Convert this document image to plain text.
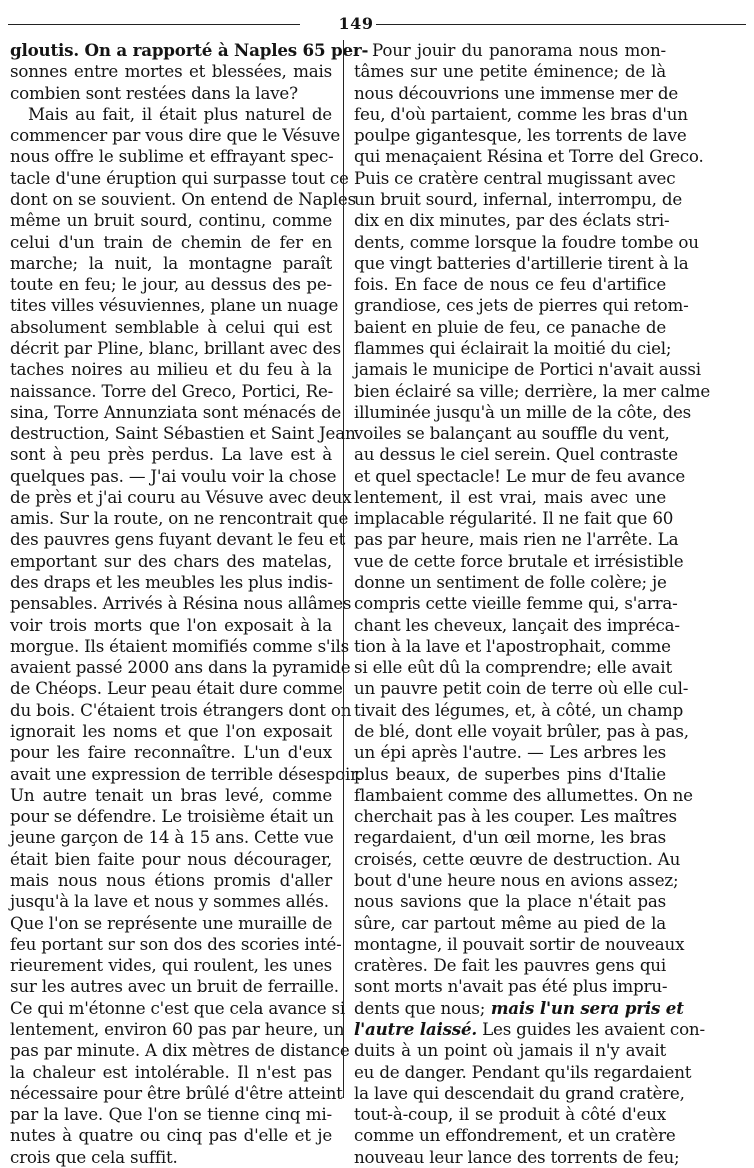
149
gloutis. On a rapporté à Naples 65 per-
sonnes entre mortes et blessées, mais
combien sont restées dans la lave?
Mais au fait, il était plus naturel de
commencer par vous dire que le Vésuve
nous offre le sublime et effrayant spec-
tacle d'une éruption qui surpasse tout ce
dont on se souvient. On entend de Naples
même un bruit sourd, continu, comme
celui d'un train de chemin de fer en
marche; la nuit, la montagne paraît
toute en feu; le jour, au dessus des pe-
tites villes vésuviennes, plane un nuage
absolument semblable à celui qui est
décrit par Pline, blanc, brillant avec des
taches noires au milieu et du feu à la
naissance. Torre del Greco, Portici, Re-
sina, Torre Annunziata sont ménacés de
destruction, Saint Sébastien et Saint Jean
sont à peu près perdus. La lave est à
quelques pas. — J'ai voulu voir la chose
de près et j'ai couru au Vésuve avec deux
amis. Sur la route, on ne rencontrait que
des pauvres gens fuyant devant le feu et
emportant sur des chars des matelas,
des draps et les meubles les plus indis-
pensables. Arrivés à Résina nous allâmes
voir trois morts que l'on exposait à la
morgue. Ils étaient momifiés comme s'ils
avaient passé 2000 ans dans la pyramide
de Chéops. Leur peau était dure comme
du bois. C'étaient trois étrangers dont on
ignorait les noms et que l'on exposait
pour les faire reconnaître. L'un d'eux
avait une expression de terrible désespoir.
Un autre tenait un bras levé, comme
pour se défendre. Le troisième était un
jeune garçon de 14 à 15 ans. Cette vue
était bien faite pour nous décourager,
mais nous nous étions promis d'aller
jusqu'à la lave et nous y sommes allés.
Que l'on se représente une muraille de
feu portant sur son dos des scories inté-
rieurement vides, qui roulent, les unes
sur les autres avec un bruit de ferraille.
Ce qui m'étonne c'est que cela avance si
lentement, environ 60 pas par heure, un
pas par minute. A dix mètres de distance
la chaleur est intolérable. Il n'est pas
nécessaire pour être brûlé d'être atteint
par la lave. Que l'on se tienne cinq mi-
nutes à quatre ou cinq pas d'elle et je
crois que cela suffit.
Pour jouir du panorama nous mon-
tâmes sur une petite éminence; de là
nous découvrions une immense mer de
feu, d'où partaient, comme les bras d'un
poulpe gigantesque, les torrents de lave
qui menaçaient Résina et Torre del Greco.
Puis ce cratère central mugissant avec
un bruit sourd, infernal, interrompu, de
dix en dix minutes, par des éclats stri-
dents, comme lorsque la foudre tombe ou
que vingt batteries d'artillerie tirent à la
fois. En face de nous ce feu d'artifice
grandiose, ces jets de pierres qui retom-
baient en pluie de feu, ce panache de
flammes qui éclairait la moitié du ciel;
jamais le municipe de Portici n'avait aussi
bien éclairé sa ville; derrière, la mer calme
illuminée jusqu'à un mille de la côte, des
voiles se balançant au souffle du vent,
au dessus le ciel serein. Quel contraste
et quel spectacle! Le mur de feu avance
lentement, il est vrai, mais avec une
implacable régularité. Il ne fait que 60
pas par heure, mais rien ne l'arrête. La
vue de cette force brutale et irrésistible
donne un sentiment de folle colère; je
compris cette vieille femme qui, s'arra-
chant les cheveux, lançait des impréca-
tion à la lave et l'apostrophait, comme
si elle eût dû la comprendre; elle avait
un pauvre petit coin de terre où elle cul-
tivait des légumes, et, à côté, un champ
de blé, dont elle voyait brûler, pas à pas,
un épi après l'autre. — Les arbres les
plus beaux, de superbes pins d'Italie
flambaient comme des allumettes. On ne
cherchait pas à les couper. Les maîtres
regardaient, d'un œil morne, les bras
croisés, cette œuvre de destruction. Au
bout d'une heure nous en avions assez;
nous savions que la place n'était pas
sûre, car partout même au pied de la
montagne, il pouvait sortir de nouveaux
cratères. De fait les pauvres gens qui
sont morts n'avait pas été plus impru-
dents que nous; mais l'un sera pris et
l'autre laissé. Les guides les avaient con-
duits à un point où jamais il n'y avait
eu de danger. Pendant qu'ils regardaient
la lave qui descendait du grand cratère,
tout-à-coup, il se produit à côté d'eux
comme un effondrement, et un cratère
nouveau leur lance des torrents de feu;
